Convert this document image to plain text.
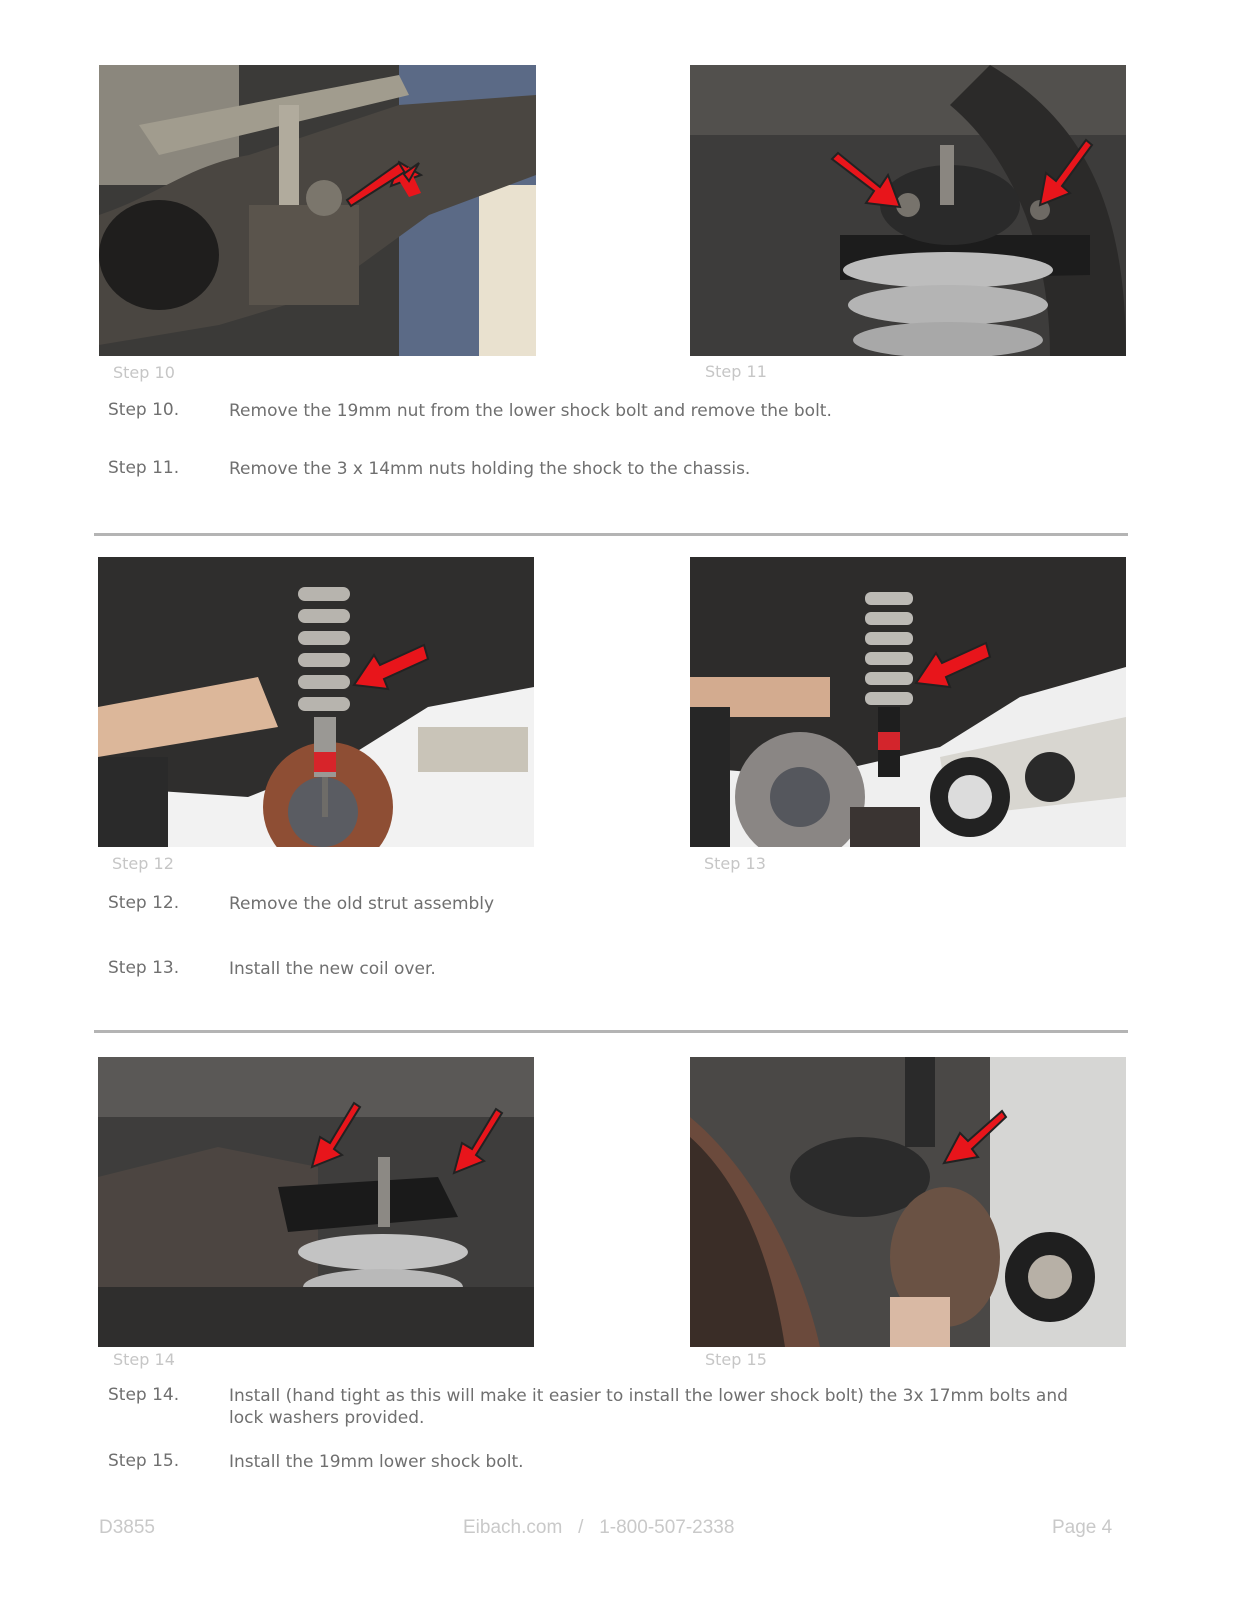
Step 10	Step 11
Step 10.	Remove the 19mm nut from the lower shock bolt and remove the bolt.
Step 11.	Remove the 3 x 14mm nuts holding the shock to the chassis.
Step 12	Step 13
Step 12.	Remove the old strut assembly
Step 13.	Install the new coil over.
Step 14	Step 15
Step 14.	Install (hand tight as this will make it easier to install the lower shock bolt) the 3x 17mm bolts and lock washers provided.
Step 15.	Install the 19mm lower shock bolt.
D3855	Eibach.com   /   1-800-507-2338	Page 4
